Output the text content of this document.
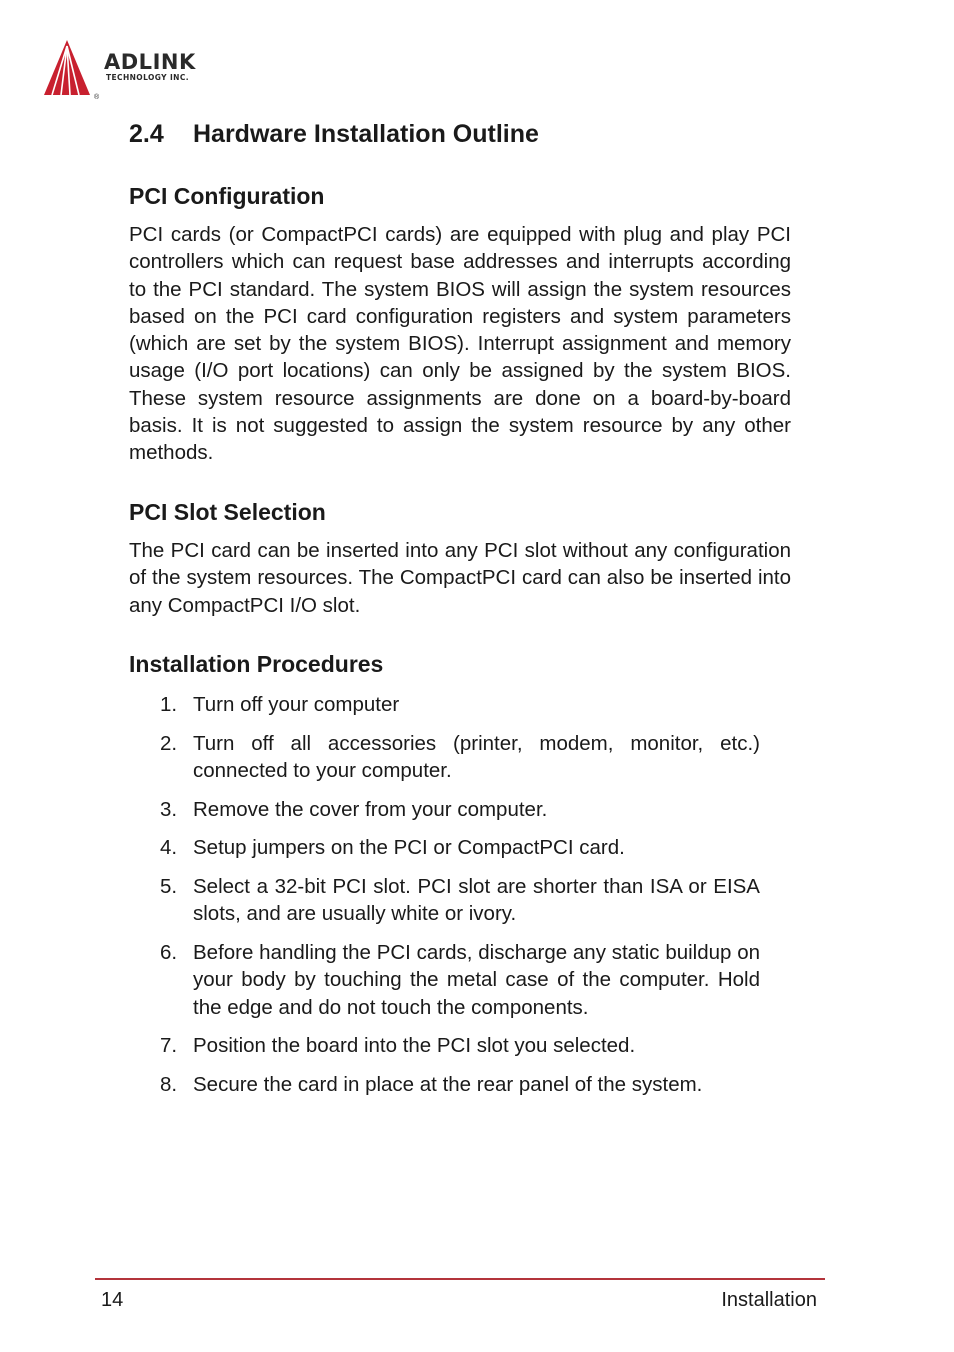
®
ADLINK
TECHNOLOGY INC.
2.4 Hardware Installation Outline
PCI Configuration

PCI cards (or CompactPCI cards) are equipped with plug and play PCI controllers which can request base addresses and interrupts according to the PCI standard. The system BIOS will assign the system resources based on the PCI card configuration registers and system parameters (which are set by the system BIOS). Interrupt assignment and memory usage (I/O port locations) can only be assigned by the system BIOS. These system resource assignments are done on a board-by-board basis. It is not suggested to assign the system resource by any other methods.

PCI Slot Selection

The PCI card can be inserted into any PCI slot without any configuration of the system resources. The CompactPCI card can also be inserted into any CompactPCI I/O slot.

Installation Procedures
1. Turn off your computer
2. Turn off all accessories (printer, modem, monitor, etc.) connected to your computer.
3. Remove the cover from your computer.
4. Setup jumpers on the PCI or CompactPCI card.
5. Select a 32-bit PCI slot. PCI slot are shorter than ISA or EISA slots, and are usually white or ivory.
6. Before handling the PCI cards, discharge any static buildup on your body by touching the metal case of the computer. Hold the edge and do not touch the components.
7. Position the board into the PCI slot you selected.
8. Secure the card in place at the rear panel of the system.
14	Installation
